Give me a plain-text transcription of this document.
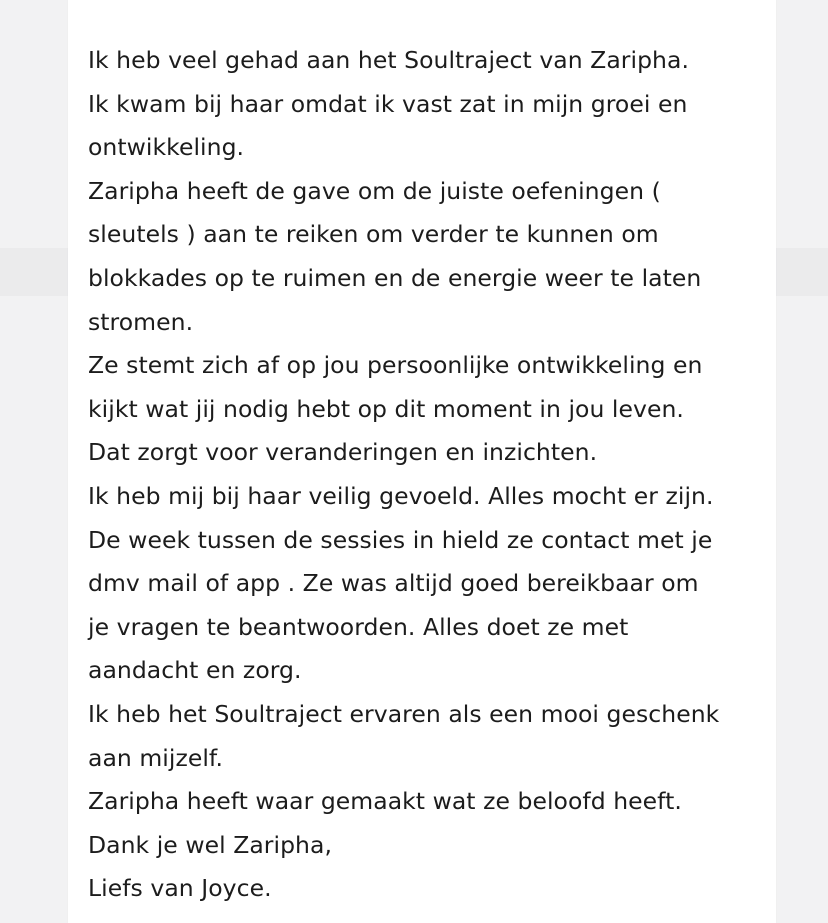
Ik heb veel gehad aan het Soultraject van Zaripha.
Ik kwam bij haar omdat ik vast zat in mijn groei en
ontwikkeling.
Zaripha heeft de gave om de juiste oefeningen (
sleutels ) aan te reiken om verder te kunnen om
blokkades op te ruimen en de energie weer te laten
stromen.
Ze stemt zich af op jou persoonlijke ontwikkeling en
kijkt wat jij nodig hebt op dit moment in jou leven.
Dat zorgt voor veranderingen en inzichten.
Ik heb mij bij haar veilig gevoeld. Alles mocht er zijn.
De week tussen de sessies in hield ze contact met je
dmv mail of app . Ze was altijd goed bereikbaar om
je vragen te beantwoorden. Alles doet ze met
aandacht en zorg.
Ik heb het Soultraject ervaren als een mooi geschenk
aan mijzelf.
Zaripha heeft waar gemaakt wat ze beloofd heeft.
Dank je wel Zaripha,
Liefs van Joyce.
